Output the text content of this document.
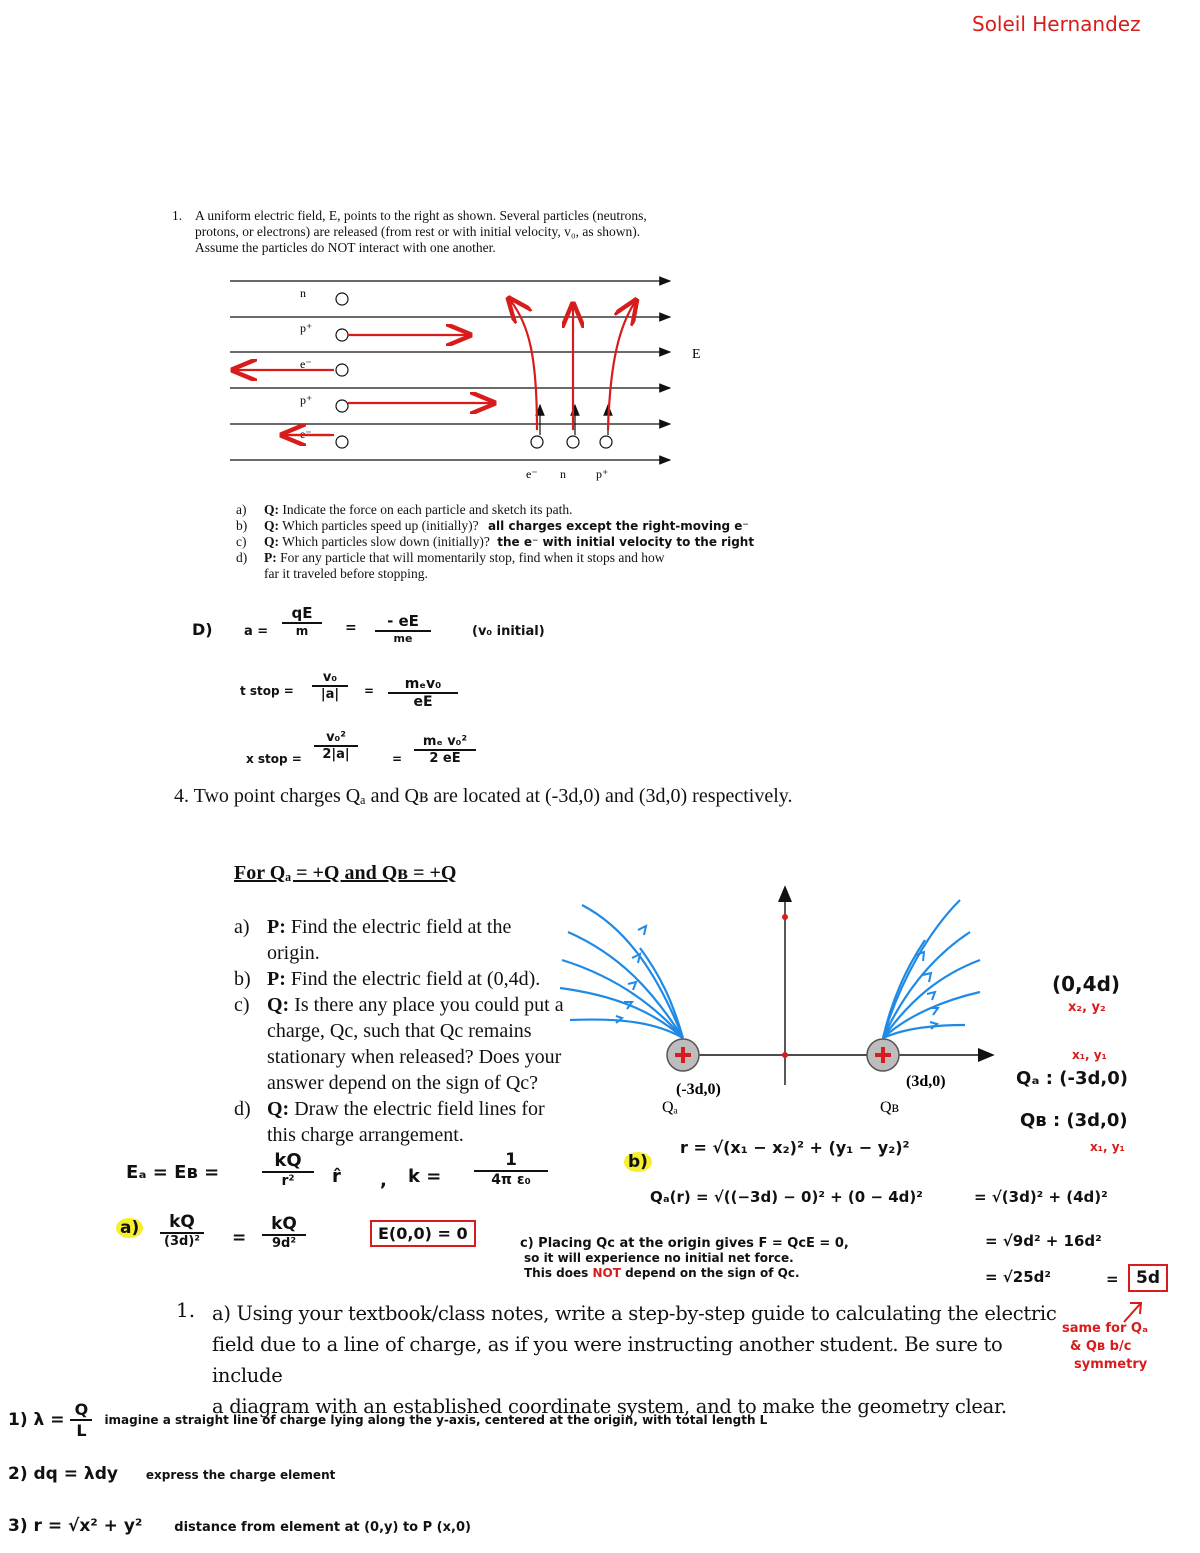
Soleil Hernandez
1. A uniform electric field, E, points to the right as shown. Several particles (neutrons,
protons, or electrons) are released (from rest or with initial velocity, v₀, as shown).
Assume the particles do NOT interact with one another.
E
n
p⁺
e⁻
p⁺
e⁻
e⁻ n	p⁺
a)	Q: Indicate the force on each particle and sketch its path.
b)	Q: Which particles speed up (initially)? all charges except the right-moving e⁻
c)	Q: Which particles slow down (initially)? the e⁻ with initial velocity to the right
d)	P: For any particle that will momentarily stop, find when it stops and how
far it traveled before stopping.
D) a =
qE
m	=	- eE
me	(v₀ initial)
t stop = $\frac{\text{v₀}}{|a|}$ =	mₑv₀
eE
x stop = $\frac{\text{v₀²}}{2|a|}$	= $\frac{\text{mₑ v₀²}}{2 eE}$
4. Two point charges Qₐ and Qв are located at (-3d,0) and (3d,0) respectively.
For Qₐ = +Q and Qв = +Q
a) P: Find the electric field at the
origin.
b) P: Find the electric field at (0,4d).
c) Q: Is there any place you could put a
charge, Qc, such that Qc remains
stationary when released? Does your
answer depend on the sign of Qc?
d) Q: Draw the electric field lines for
this charge arrangement.
Qₐ	Qв
(-3d,0)	(3d,0)
(0,4d)
x₂, y₂
x₁, y₁
Qₐ : (-3d,0)
Qв : (3d,0)
x₁, y₁
Eₐ = Eв =
kQ
r²	r̂ , k =
1
4π ε₀
a)	kQ
(3d)² =
kQ
9d²
E(0,0) = 0
b)
r = √(x₁ − x₂)² + (y₁ − y₂)²
Qₐ(r) = √((−3d) − 0)² + (0 − 4d)²	= √(3d)² + (4d)²
= √9d² + 16d²
= √25d²	=	5d
same for Qₐ
& Qв b/c
symmetry
c) Placing Qc at the origin gives F = QcE = 0,
so it will experience no initial net force.
This does NOT depend on the sign of Qc.
1. a) Using your textbook/class notes, write a step-by-step guide to calculating the electric
field due to a line of charge, as if you were instructing another student. Be sure to include
a diagram with an established coordinate system, and to make the geometry clear.
1) $\lambda = \frac{Q}{L}$ imagine a straight line of charge lying along the y-axis, centered at the origin, with total length L
2) dq = λdy express the charge element
3) r = √x² + y² distance from element at (0,y) to P (x,0)
